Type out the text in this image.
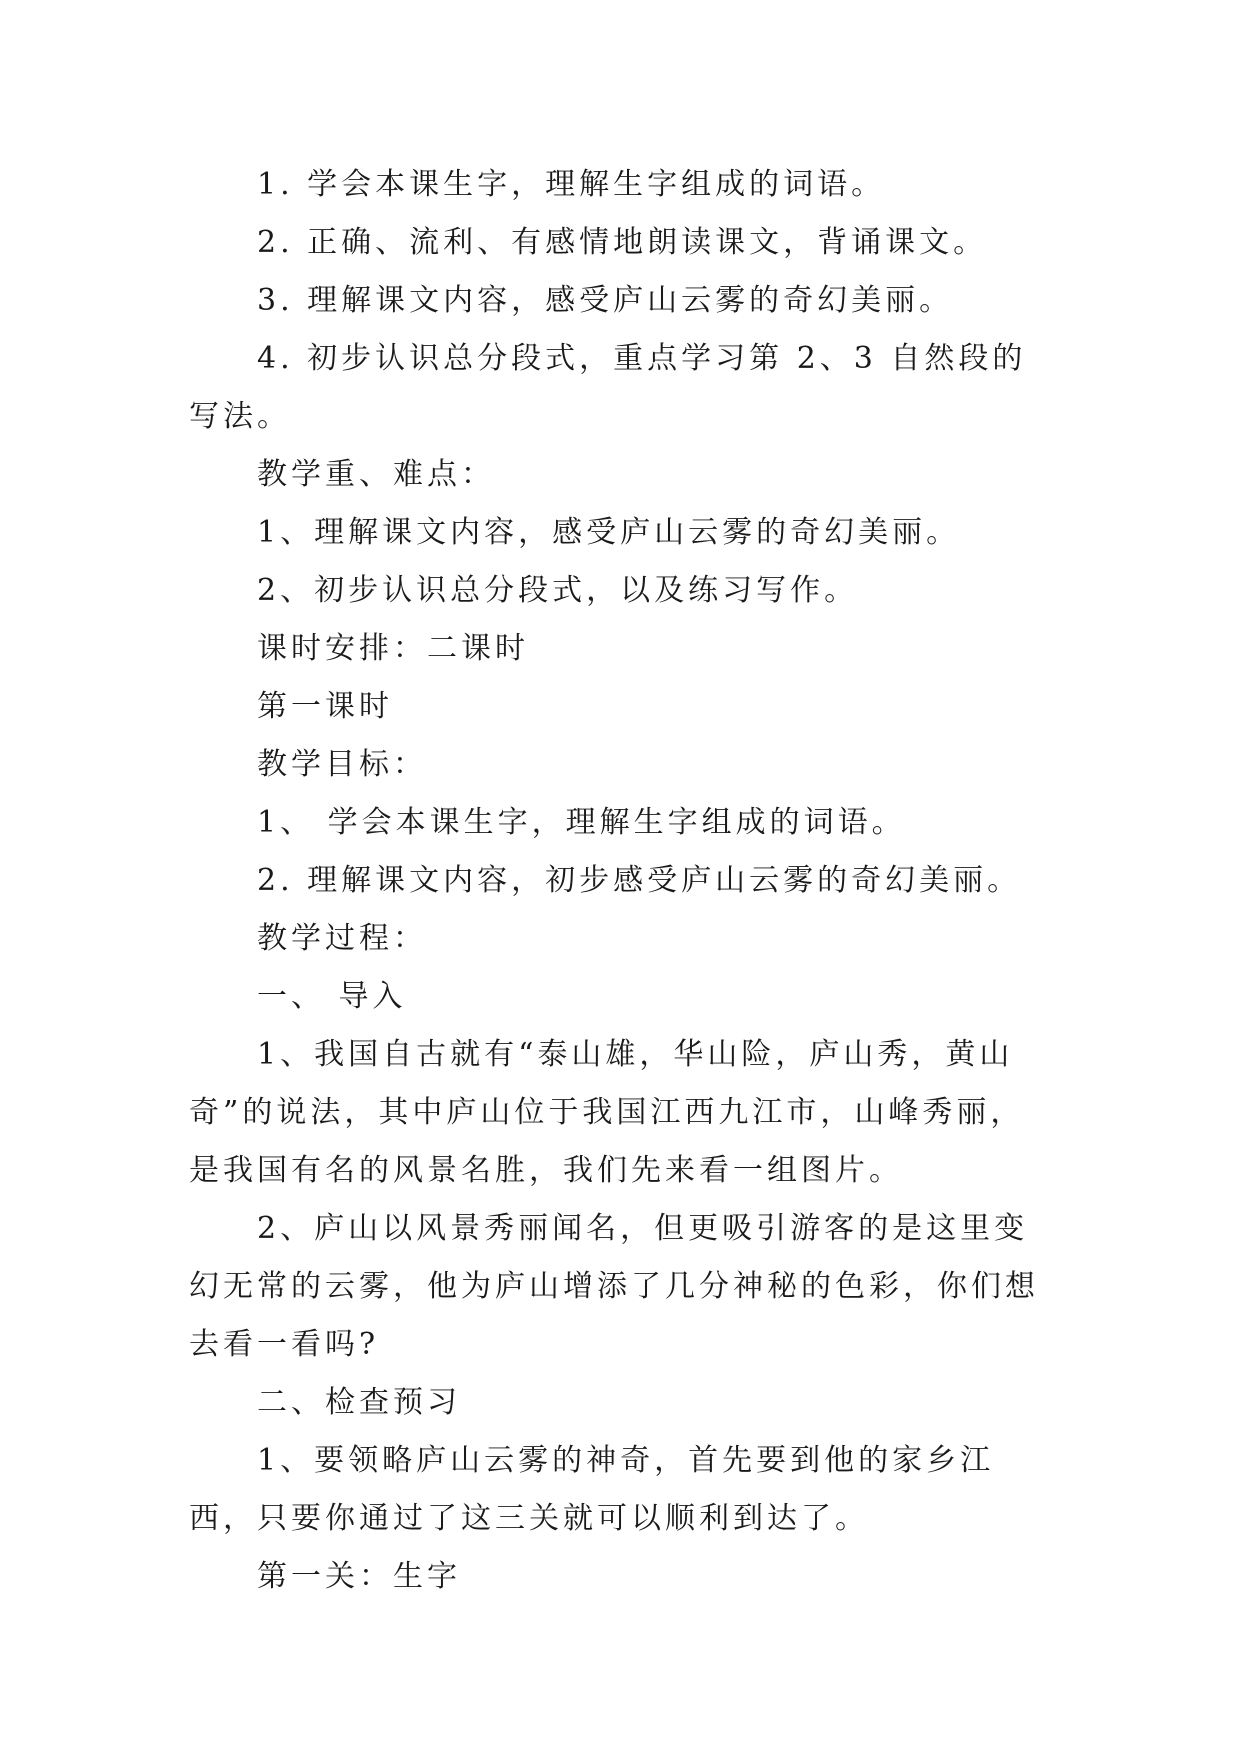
1. 学会本课生字，理解生字组成的词语。

2. 正确、流利、有感情地朗读课文，背诵课文。

3. 理解课文内容，感受庐山云雾的奇幻美丽。

4. 初步认识总分段式，重点学习第 2、3 自然段的写法。

教学重、难点：

1、理解课文内容，感受庐山云雾的奇幻美丽。

2、初步认识总分段式，以及练习写作。

课时安排：二课时

第一课时

教学目标：

1、 学会本课生字，理解生字组成的词语。

2. 理解课文内容，初步感受庐山云雾的奇幻美丽。

教学过程：

一、 导入

1、我国自古就有“泰山雄，华山险，庐山秀，黄山奇”的说法，其中庐山位于我国江西九江市，山峰秀丽，是我国有名的风景名胜，我们先来看一组图片。

2、庐山以风景秀丽闻名，但更吸引游客的是这里变幻无常的云雾，他为庐山增添了几分神秘的色彩，你们想去看一看吗?

二、检查预习

1、要领略庐山云雾的神奇，首先要到他的家乡江西，只要你通过了这三关就可以顺利到达了。

第一关：生字
